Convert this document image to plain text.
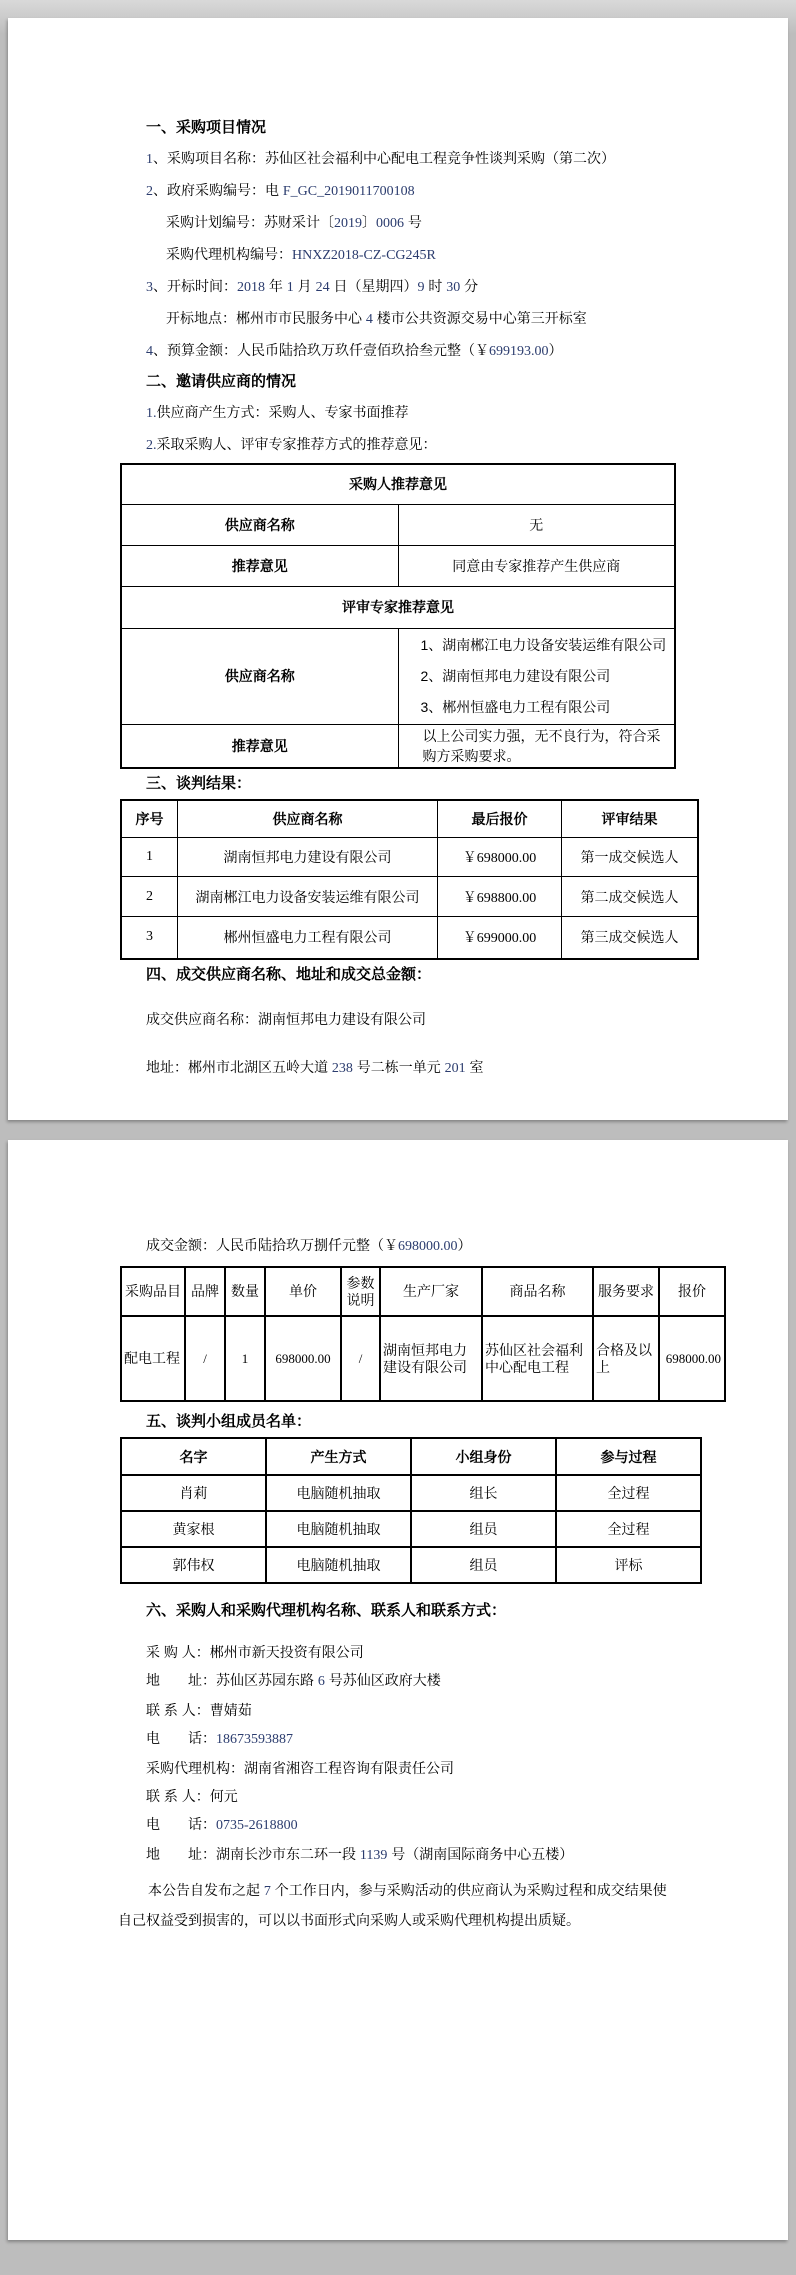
一、采购项目情况
1、采购项目名称：苏仙区社会福利中心配电工程竞争性谈判采购（第二次）
2、政府采购编号：电 F_GC_2019011700108
采购计划编号：苏财采计〔2019〕0006 号
采购代理机构编号：HNXZ2018-CZ-CG245R
3、开标时间：2018 年 1 月 24 日（星期四）9 时 30 分
开标地点：郴州市市民服务中心 4 楼市公共资源交易中心第三开标室
4、预算金额：人民币陆拾玖万玖仟壹佰玖拾叁元整（￥699193.00）
二、邀请供应商的情况
1.供应商产生方式：采购人、专家书面推荐
2.采取采购人、评审专家推荐方式的推荐意见：
采购人推荐意见	
供应商名称	无
推荐意见	同意由专家推荐产生供应商
评审专家推荐意见	
供应商名称	1、湖南郴江电力设备安装运维有限公司
2、湖南恒邦电力建设有限公司
3、郴州恒盛电力工程有限公司

推荐意见	以上公司实力强，无不良行为，符合采购方采购要求。
三、谈判结果：
序号	供应商名称	最后报价	评审结果
1	湖南恒邦电力建设有限公司	￥698000.00	第一成交候选人
2	湖南郴江电力设备安装运维有限公司	￥698800.00	第二成交候选人
3	郴州恒盛电力工程有限公司	￥699000.00	第三成交候选人
四、成交供应商名称、地址和成交总金额：
成交供应商名称：湖南恒邦电力建设有限公司
地址：郴州市北湖区五岭大道 238 号二栋一单元 201 室
成交金额：人民币陆拾玖万捌仟元整（￥698000.00）
采购品目	品牌	数量	单价	参数说明	生产厂家	商品名称	服务要求	报价
配电工程	/	1	698000.00	/	湖南恒邦电力建设有限公司	苏仙区社会福利中心配电工程	合格及以上	698000.00
五、谈判小组成员名单：
名字	产生方式	小组身份	参与过程
肖莉	电脑随机抽取	组长	全过程
黄家根	电脑随机抽取	组员	全过程
郭伟权	电脑随机抽取	组员	评标
六、采购人和采购代理机构名称、联系人和联系方式：
采 购 人：郴州市新天投资有限公司
地　　址：苏仙区苏园东路 6 号苏仙区政府大楼
联 系 人：曹婧茹
电　　话：18673593887
采购代理机构：湖南省湘咨工程咨询有限责任公司
联 系 人：何元
电　　话：0735-2618800
地　　址：湖南长沙市东二环一段 1139 号（湖南国际商务中心五楼）
本公告自发布之起 7 个工作日内，参与采购活动的供应商认为采购过程和成交结果使自己权益受到损害的，可以以书面形式向采购人或采购代理机构提出质疑。
